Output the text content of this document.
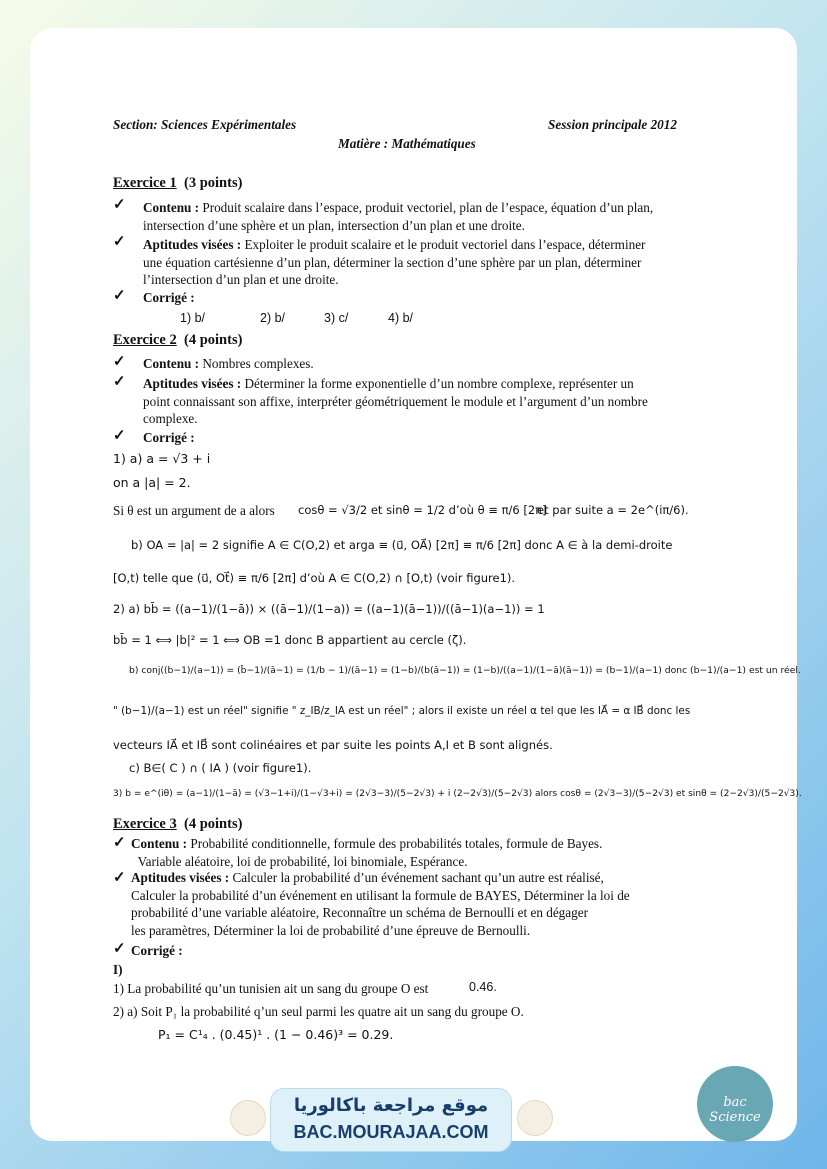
Section: Sciences Expérimentales	Session principale 2012
Matière : Mathématiques
Exercice 1 (3 points)
✓ Contenu : Produit scalaire dans l’espace, produit vectoriel, plan de l’espace, équation d’un plan,
intersection d’une sphère et un plan, intersection d’un plan et une droite.
✓ Aptitudes visées : Exploiter le produit scalaire et le produit vectoriel dans l’espace, déterminer
une équation cartésienne d’un plan, déterminer la section d’une sphère par un plan, déterminer
l’intersection d’un plan et une droite.
✓ Corrigé :
1) b/	2) b/	3) c/	4) b/
Exercice 2 (4 points)
✓ Contenu : Nombres complexes.
✓ Aptitudes visées : Déterminer la forme exponentielle d’un nombre complexe, représenter un
point connaissant son affixe, interpréter géométriquement le module et l’argument d’un nombre
complexe.
✓ Corrigé :
1) a) a = √3 + i
on a |a| = 2.
Si θ est un argument de a alors cosθ = √3/2 et sinθ = 1/2 d’où θ ≡ π/6 [2π]
et par suite a = 2e^(iπ/6).
b) OA = |a| = 2 signifie A ∈ C(O,2) et arga ≡ (u⃗, OA⃗) [2π] ≡ π/6 [2π] donc A ∈ à la demi-droite
[O,t) telle que (u⃗, Ot⃗) ≡ π/6 [2π] d’où A ∈ C(O,2) ∩ [O,t) (voir figure1).
2) a) bb̄ = ((a−1)/(1−ā)) × ((ā−1)/(1−a)) = ((a−1)(ā−1))/((ā−1)(a−1)) = 1
bb̄ = 1 ⟺ |b|² = 1 ⟺ OB =1 donc B appartient au cercle (ζ).
b) conj((b−1)/(a−1)) = (b̄−1)/(ā−1) = (1/b − 1)/(ā−1) = (1−b)/(b(ā−1)) = (1−b)/((a−1)/(1−ā)(ā−1)) = (b−1)/(a−1) donc (b−1)/(a−1) est un réel.
" (b−1)/(a−1) est un réel" signifie " z_IB/z_IA est un réel" ; alors il existe un réel α tel que les IA⃗ = α IB⃗ donc les
vecteurs IA⃗ et IB⃗ sont colinéaires et par suite les points A,I et B sont alignés.
c) B∈( C ) ∩ ( IA ) (voir figure1).
3) b = e^(iθ) = (a−1)/(1−ā) = (√3−1+i)/(1−√3+i) = (2√3−3)/(5−2√3) + i (2−2√3)/(5−2√3) alors cosθ = (2√3−3)/(5−2√3) et sinθ = (2−2√3)/(5−2√3).
Exercice 3 (4 points)
✓ Contenu : Probabilité conditionnelle, formule des probabilités totales, formule de Bayes.
Variable aléatoire, loi de probabilité, loi binomiale, Espérance.
✓ Aptitudes visées : Calculer la probabilité d’un événement sachant qu’un autre est réalisé,
Calculer la probabilité d’un événement en utilisant la formule de BAYES, Déterminer la loi de
probabilité d’une variable aléatoire, Reconnaître un schéma de Bernoulli et en dégager
les paramètres, Déterminer la loi de probabilité d’une épreuve de Bernoulli.
✓ Corrigé :
I)
1) La probabilité qu’un tunisien ait un sang du groupe O est	0.46.
2) a) Soit P₁ la probabilité q’un seul parmi les quatre ait un sang du groupe O.
P₁ = C¹₄ . (0.45)¹ . (1 − 0.46)³ = 0.29.
موقع مراجعة باكالوريا
BAC.MOURAJAA.COM
bac Science
